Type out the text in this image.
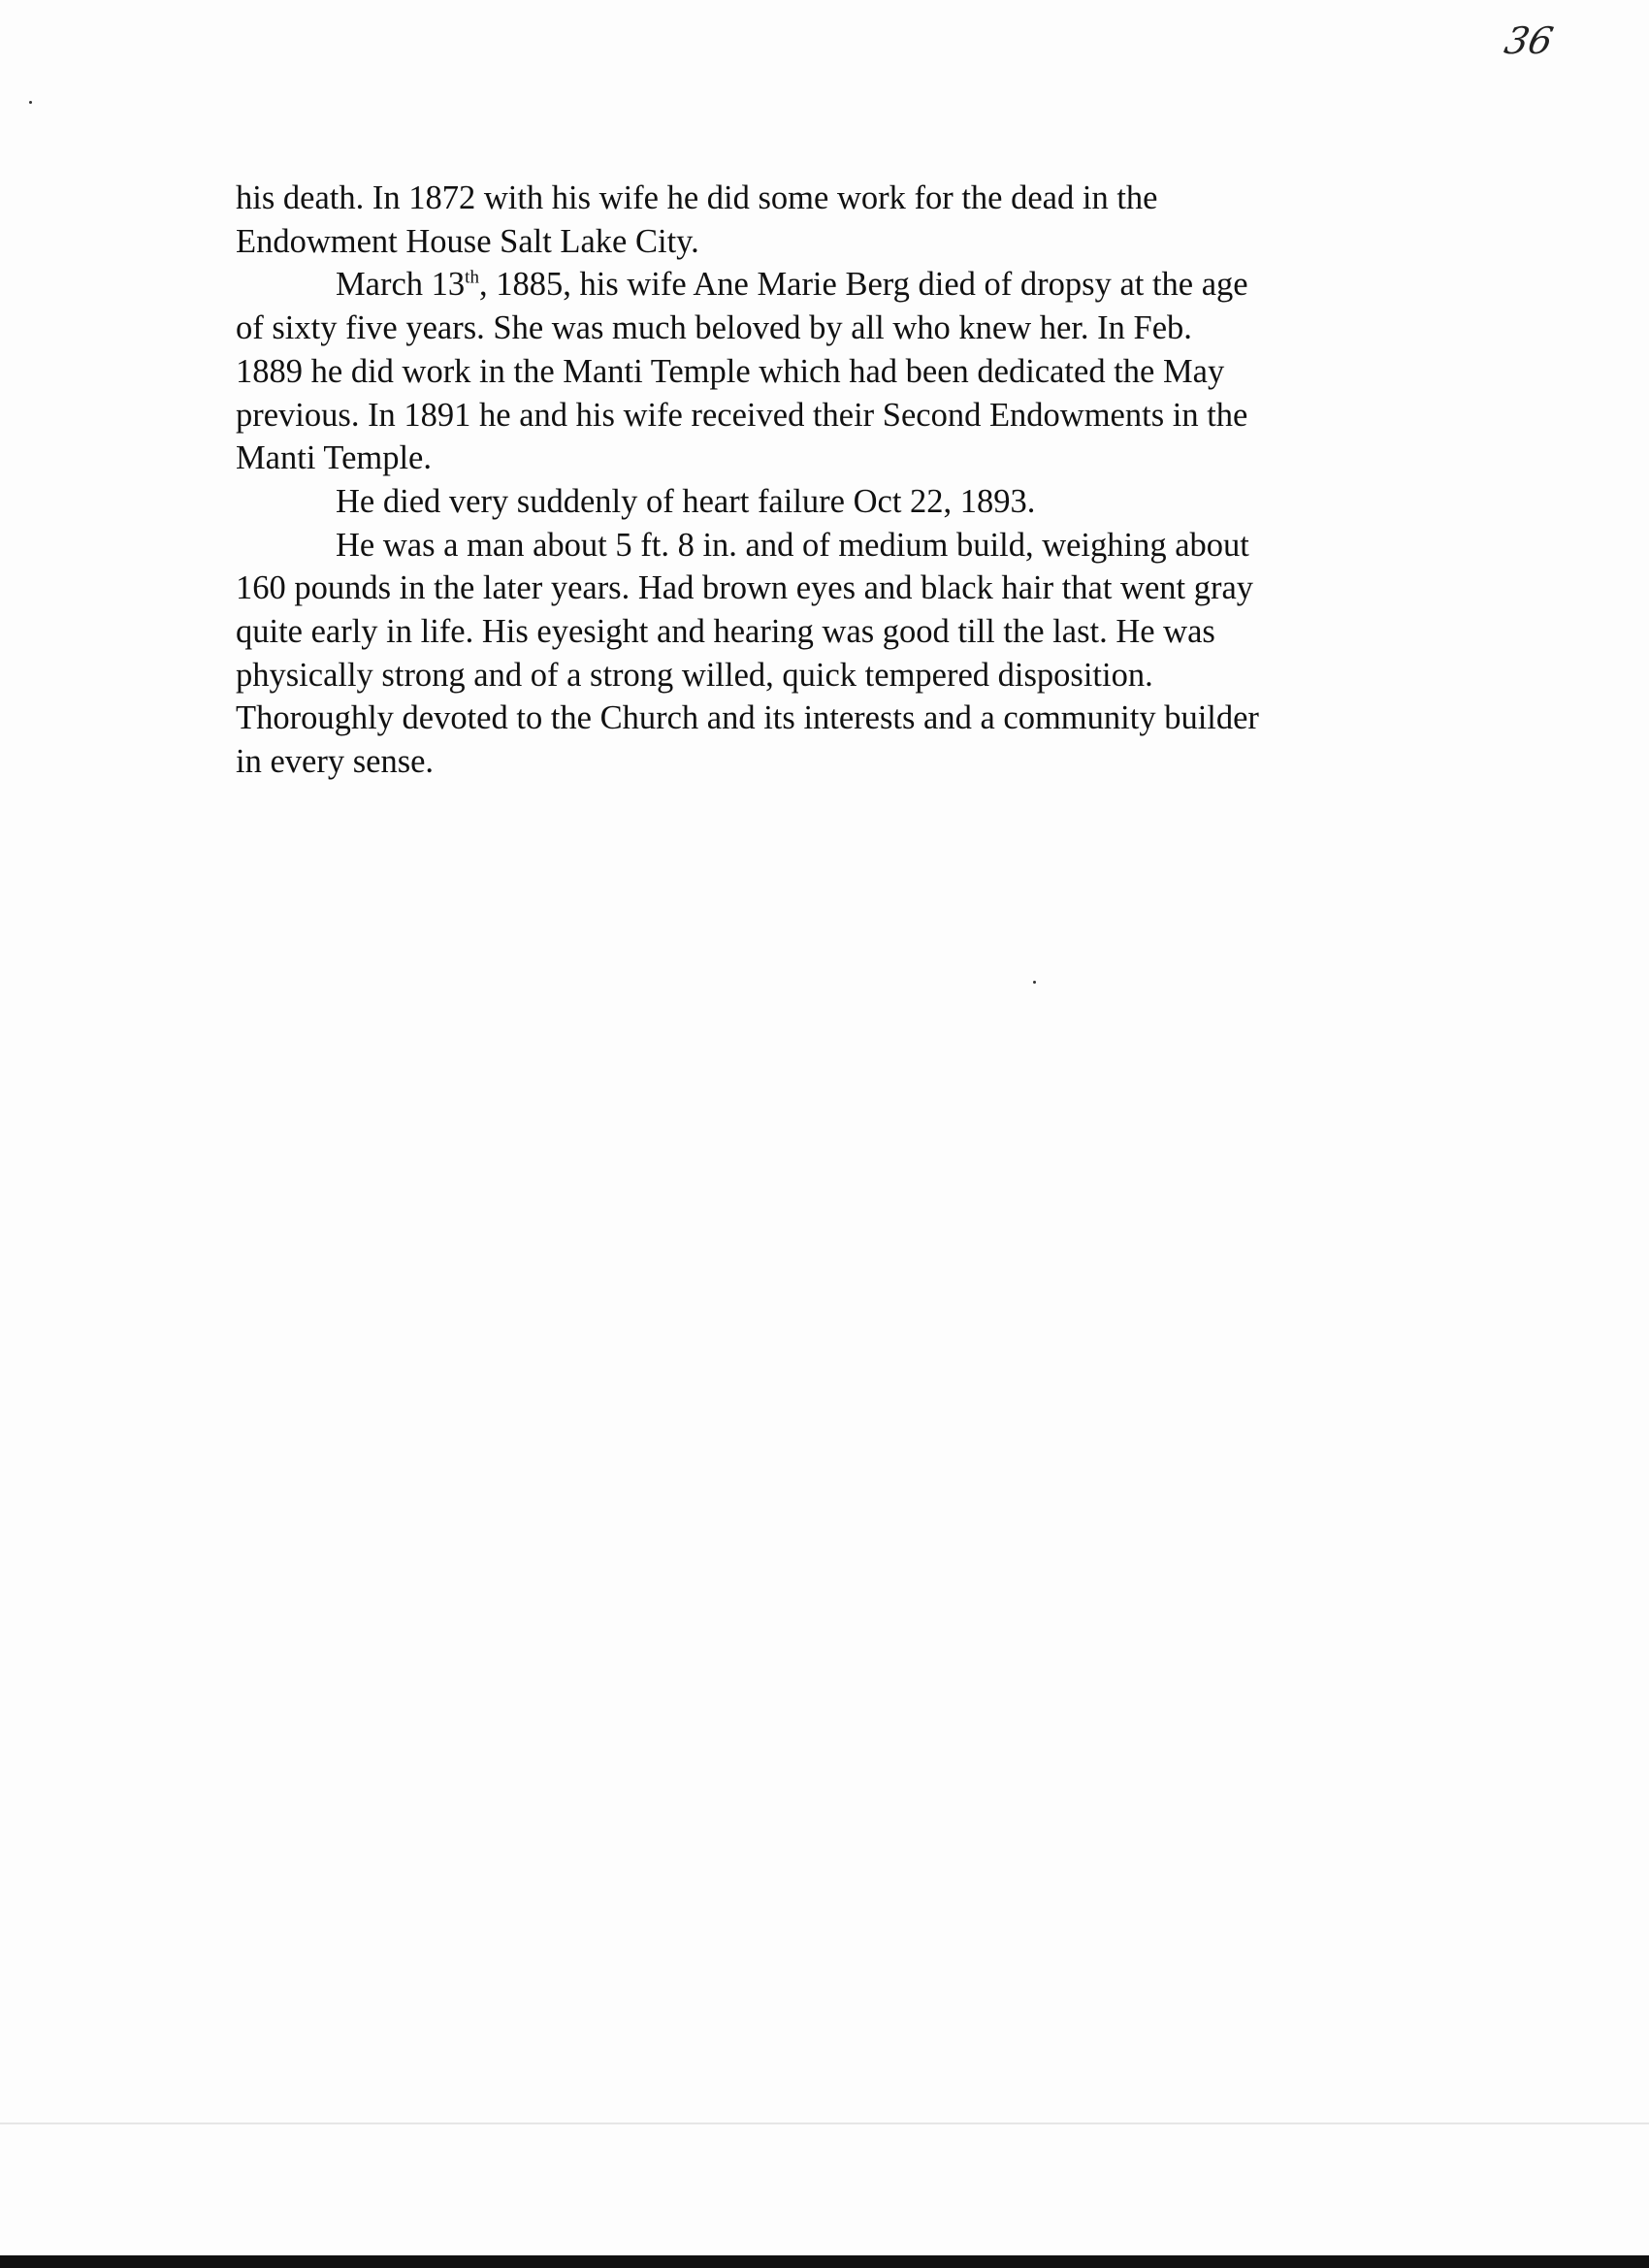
36
his death. In 1872 with his wife he did some work for the dead in the
Endowment House Salt Lake City.
March 13th, 1885, his wife Ane Marie Berg died of dropsy at the age
of sixty five years. She was much beloved by all who knew her. In Feb.
1889 he did work in the Manti Temple which had been dedicated the May
previous. In 1891 he and his wife received their Second Endowments in the
Manti Temple.
He died very suddenly of heart failure Oct 22, 1893.
He was a man about 5 ft. 8 in. and of medium build, weighing about
160 pounds in the later years. Had brown eyes and black hair that went gray
quite early in life. His eyesight and hearing was good till the last. He was
physically strong and of a strong willed, quick tempered disposition.
Thoroughly devoted to the Church and its interests and a community builder
in every sense.
